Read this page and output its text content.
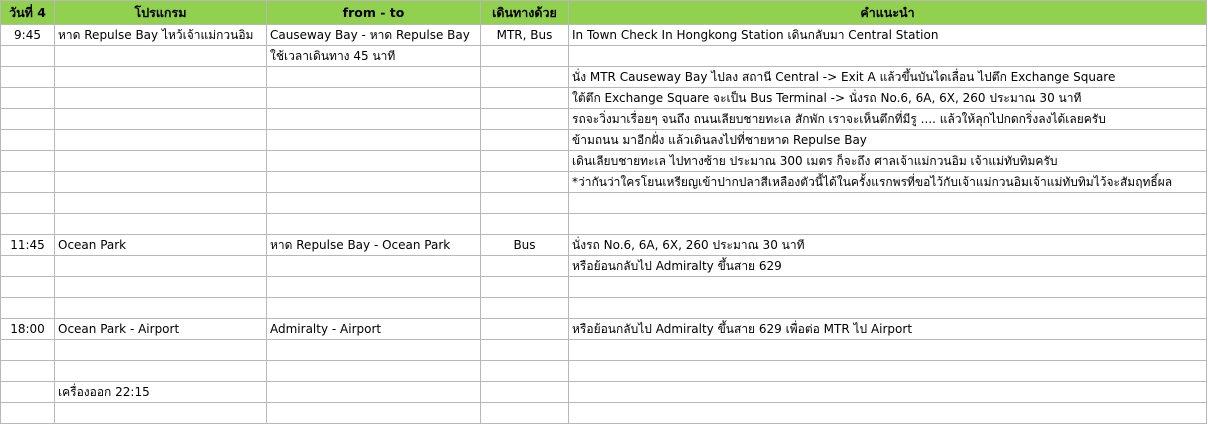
วันที่ 4	โปรแกรม	from - to	เดินทางด้วย	คำแนะนำ
9:45	หาด Repulse Bay ไหว้เจ้าแม่กวนอิม	Causeway Bay - หาด Repulse Bay	MTR, Bus	In Town Check In Hongkong Station เดินกลับมา Central Station
		ใช้เวลาเดินทาง 45 นาที		
				นั่ง MTR Causeway Bay ไปลง สถานี Central -> Exit A แล้วขึ้นบันไดเลื่อน ไปตึก Exchange Square
				ใต้ตึก Exchange Square จะเป็น Bus Terminal -> นั่งรถ No.6, 6A, 6X, 260 ประมาณ 30 นาที
				รถจะวิ่งมาเรื่อยๆ จนถึง ถนนเลียบชายทะเล สักพัก เราจะเห็นตึกที่มีรู .... แล้วให้ลุกไปกดกริ่งลงได้เลยครับ
				ข้ามถนน มาอีกฝั่ง แล้วเดินลงไปที่ชายหาด Repulse Bay
				เดินเลียบชายทะเล ไปทางซ้าย ประมาณ 300 เมตร ก็จะถึง ศาลเจ้าแม่กวนอิม เจ้าแม่ทับทิมครับ
				*ว่ากันว่าใครโยนเหรียญเข้าปากปลาสีเหลืองตัวนี้ได้ในครั้งแรกพรที่ขอไว้กับเจ้าแม่กวนอิมเจ้าแม่ทับทิมไว้จะสัมฤทธิ์ผล

11:45	Ocean Park	หาด Repulse Bay - Ocean Park	Bus	นั่งรถ No.6, 6A, 6X, 260 ประมาณ 30 นาที
				หรือย้อนกลับไป Admiralty ขึ้นสาย 629

18:00	Ocean Park - Airport	Admiralty - Airport		หรือย้อนกลับไป Admiralty ขึ้นสาย 629 เพื่อต่อ MTR ไป Airport

	เครื่องออก 22:15			
